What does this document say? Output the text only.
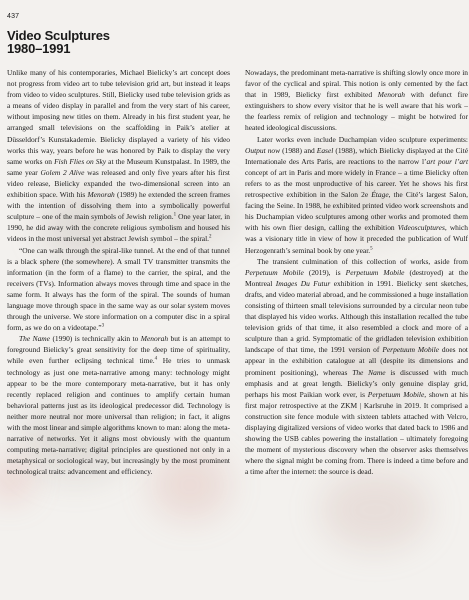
437
Video Sculptures
1980–1991

Unlike many of his contemporaries, Michael Bielicky’s art concept does not progress from video art to tube television grid art, but instead it leaps from video to video sculptures. Still, Bielicky used tube television grids as a means of video display in parallel and from the very start of his career, without imposing new titles on them. Already in his first student year, he arranged small televisions on the scaffolding in Paik’s atelier at Düsseldorf’s Kunstakademie. Bielicky displayed a variety of his video works this way, years before he was honored by Paik to display the very same works on Fish Flies on Sky at the Museum Kunstpalast. In 1989, the same year Golem 2 Alive was released and only five years after his first video release, Bielicky expanded the two-dimensional screen into an exhibition space. With his Menorah (1989) he extended the screen frames with the intention of dissolving them into a symbolically powerful sculpture – one of the main symbols of Jewish religion.$^1$ One year later, in 1990, he did away with the concrete religious symbolism and housed his videos in the most universal yet abstract Jewish symbol – the spiral.$^2$

“One can walk through the spiral-like tunnel. At the end of that tunnel is a black sphere (the somewhere). A small TV transmitter transmits the information (in the form of a flame) to the carrier, the spiral, and the receivers (TVs). Information always moves through time and space in the same form. It always has the form of the spiral. The sounds of human language move through space in the same way as our solar system moves through the universe. We store information on a computer disc in a spiral form, as we do on a videotape.”$^3$

The Name (1990) is technically akin to Menorah but is an attempt to foreground Bielicky’s great sensitivity for the deep time of spirituality, while even further eclipsing technical time.$^4$ He tries to unmask technology as just one meta-narrative among many: technology might appear to be the more contemporary meta-narrative, but it has only recently replaced religion and continues to amplify certain human behavioral patterns just as its ideological predecessor did. Technology is neither more neutral nor more universal than religion; in fact, it aligns with the most linear and simple algorithms known to man: along the meta-narrative of networks. Yet it aligns most obviously with the quantum computing meta-narrative; digital principles are questioned not only in a metaphysical or sociological way, but increasingly by the most prominent technological traits: advancement and efficiency.

Nowadays, the predominant meta-narrative is shifting slowly once more in favor of the cyclical and spiral. This notion is only cemented by the fact that in 1989, Bielicky first exhibited Menorah with defunct fire extinguishers to show every visitor that he is well aware that his work – the fearless remix of religion and technology – might be hotwired for heated ideological discussions.

Later works even include Duchampian video sculpture experiments: Output now (1988) and Easel (1988), which Bielicky displayed at the Cité Internationale des Arts Paris, are reactions to the narrow l’art pour l’art concept of art in Paris and more widely in France – a time Bielicky often refers to as the most unproductive of his career. Yet he shows his first retrospective exhibition in the Salon 2e Étage, the Cité’s largest Salon, facing the Seine. In 1988, he exhibited printed video work screenshots and his Duchampian video sculptures among other works and promoted them with his own flier design, calling the exhibition Videosculptures, which was a visionary title in view of how it preceded the publication of Wulf Herzogenrath’s seminal book by one year.$^5$

The transient culmination of this collection of works, aside from Perpetuum Mobile (2019), is Perpetuum Mobile (destroyed) at the Montreal Images Du Futur exhibition in 1991. Bielicky sent sketches, drafts, and video material abroad, and he commissioned a huge installation consisting of thirteen small televisions surrounded by a circular neon tube that displayed his video works. Although this installation recalled the tube television grids of that time, it also resembled a clock and more of a sculpture than a grid. Symptomatic of the gridladen television exhibition landscape of that time, the 1991 version of Perpetuum Mobile does not appear in the exhibition catalogue at all (despite its dimensions and prominent positioning), whereas The Name is discussed with much emphasis and at great length. Bielicky’s only genuine display grid, perhaps his most Paikian work ever, is Perpetuum Mobile, shown at his first major retrospective at the ZKM | Karlsruhe in 2019. It comprised a construction site fence module with sixteen tablets attached with Velcro, displaying digitalized versions of video works that dated back to 1986 and showing the USB cables powering the installation – ultimately foregoing the moment of mysterious discovery when the observer asks themselves where the signal might be coming from. There is indeed a time before and a time after the internet: the source is dead.
